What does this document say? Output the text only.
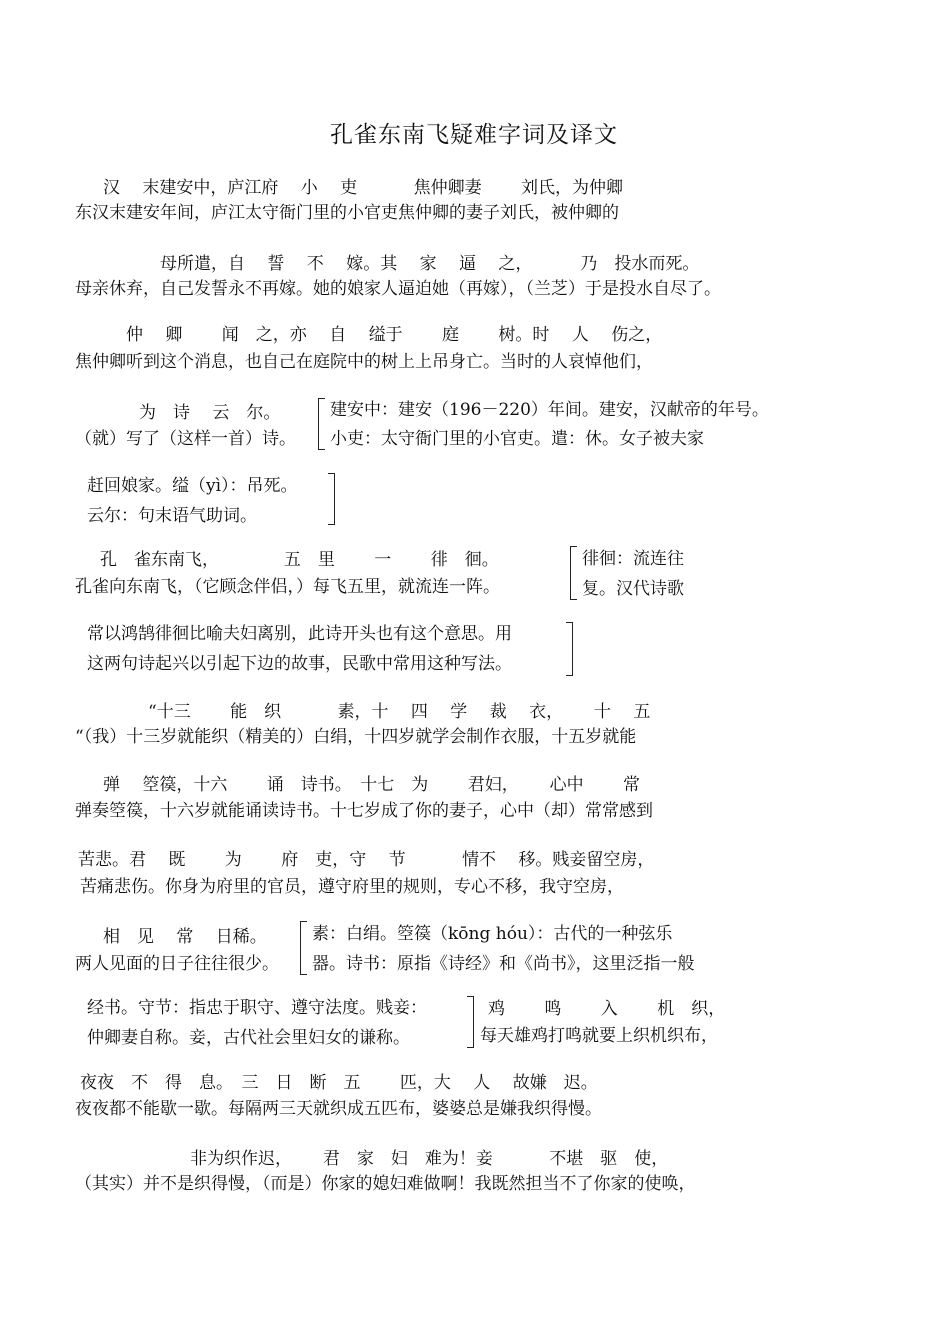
孔雀东南飞疑难字词及译文
汉　 末建安中，庐江府　 小　 吏　　　 焦仲卿妻　　 刘氏，为仲卿
东汉末建安年间，庐江太守衙门里的小官吏焦仲卿的妻子刘氏，被仲卿的
母所遣，自　 誓　 不　 嫁。其　 家　 逼　 之，　　　 乃　投水而死。
母亲休弃，自己发誓永不再嫁。她的娘家人逼迫她（再嫁），（兰芝）于是投水自尽了。
仲　 卿　　 闻　之，亦　 自　 缢于　　 庭　　 树。时　 人　 伤之，
焦仲卿听到这个消息，也自己在庭院中的树上上吊身亡。当时的人哀悼他们，
为　诗　 云　尔。
（就）写了（这样一首）诗。
建安中：建安（196－220）年间。建安，汉献帝的年号。
小吏：太守衙门里的小官吏。遣：休。女子被夫家
赶回娘家。缢（yì）：吊死。
云尔：句末语气助词。
孔　雀东南飞，　　　　 五　里　　 一　　 徘　徊。
孔雀向东南飞，（它顾念伴侣，）每飞五里，就流连一阵。
徘徊：流连往
复。汉代诗歌
常以鸿鹄徘徊比喻夫妇离别，此诗开头也有这个意思。用
这两句诗起兴以引起下边的故事，民歌中常用这种写法。
“十三　　 能　织　　　 素，十　 四　 学　 裁　 衣，　　 十　 五
“（我）十三岁就能织（精美的）白绢，十四岁就学会制作衣服，十五岁就能
弹　 箜篌，十六　　 诵　诗书。　十七　为　　 君妇，　　 心中　　 常
弹奏箜篌，十六岁就能诵读诗书。十七岁成了你的妻子，心中（却）常常感到
苦悲。君　 既　　 为　　 府　吏，守　 节　　　 情不　 移。贱妾留空房，
苦痛悲伤。你身为府里的官员，遵守府里的规则，专心不移，我守空房，
相　见　 常　 日稀。
两人见面的日子往往很少。
素：白绢。箜篌（kōng hóu）：古代的一种弦乐
器。诗书：原指《诗经》和《尚书》，这里泛指一般
经书。守节：指忠于职守、遵守法度。贱妾：
仲卿妻自称。妾，古代社会里妇女的谦称。
鸡　　 鸣　　 入　　 机　织，
每天雄鸡打鸣就要上织机织布，
夜夜　不　得　息。　三　日　断　五　　 匹，大　 人　 故嫌　迟。
夜夜都不能歇一歇。每隔两三天就织成五匹布，婆婆总是嫌我织得慢。
非为织作迟，　　 君　家　妇　难为！妾　　　 不堪　驱　使，
（其实）并不是织得慢，（而是）你家的媳妇难做啊！我既然担当不了你家的使唤，
